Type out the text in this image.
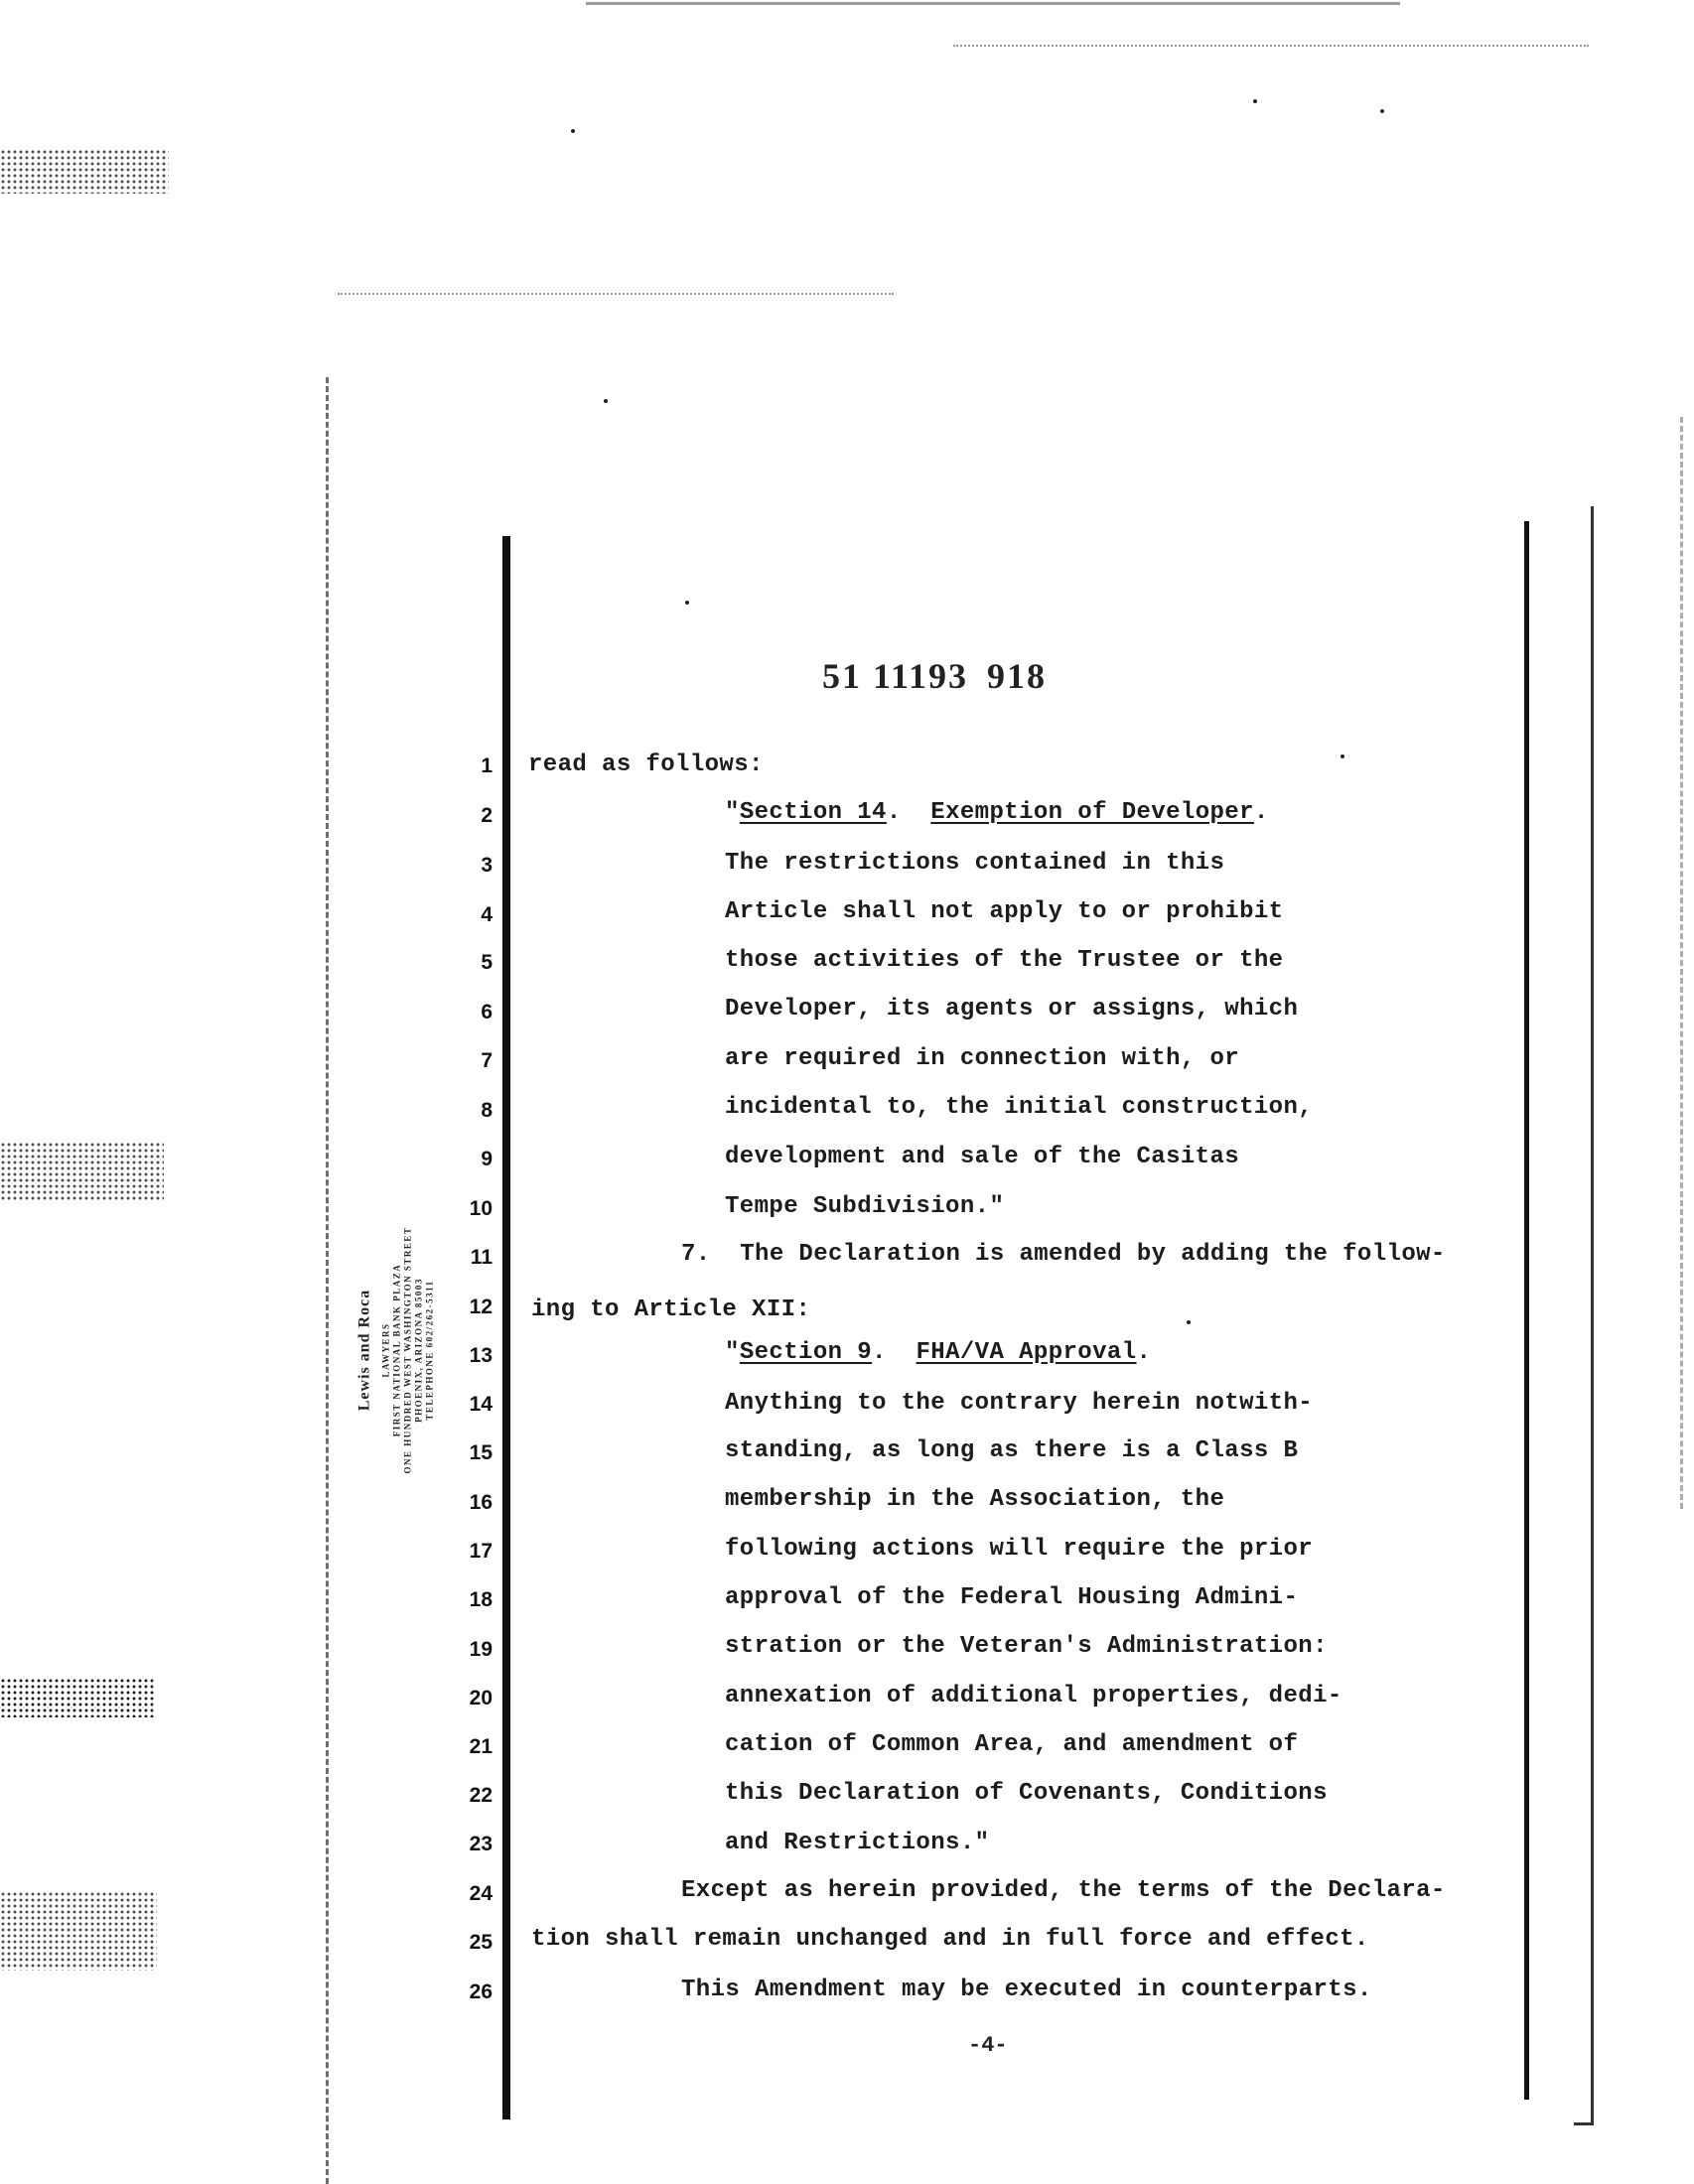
51 11193  918
Lewis and Roca LAWYERS FIRST NATIONAL BANK PLAZA ONE HUNDRED WEST WASHINGTON STREET PHOENIX, ARIZONA 85003 TELEPHONE 602/262-5311
1
2
3
4
5
6
7
8
9
10
11
12
13
14
15
16
17
18
19
20
21
22
23
24
25
26
read as follows:
"Section 14.  Exemption of Developer.
The restrictions contained in this
Article shall not apply to or prohibit
those activities of the Trustee or the
Developer, its agents or assigns, which
are required in connection with, or
incidental to, the initial construction,
development and sale of the Casitas
Tempe Subdivision."
7.  The Declaration is amended by adding the follow-
ing to Article XII:
"Section 9.  FHA/VA Approval.
Anything to the contrary herein notwith-
standing, as long as there is a Class B
membership in the Association, the
following actions will require the prior
approval of the Federal Housing Admini-
stration or the Veteran's Administration:
annexation of additional properties, dedi-
cation of Common Area, and amendment of
this Declaration of Covenants, Conditions
and Restrictions."
Except as herein provided, the terms of the Declara-
tion shall remain unchanged and in full force and effect.
This Amendment may be executed in counterparts.
-4-
